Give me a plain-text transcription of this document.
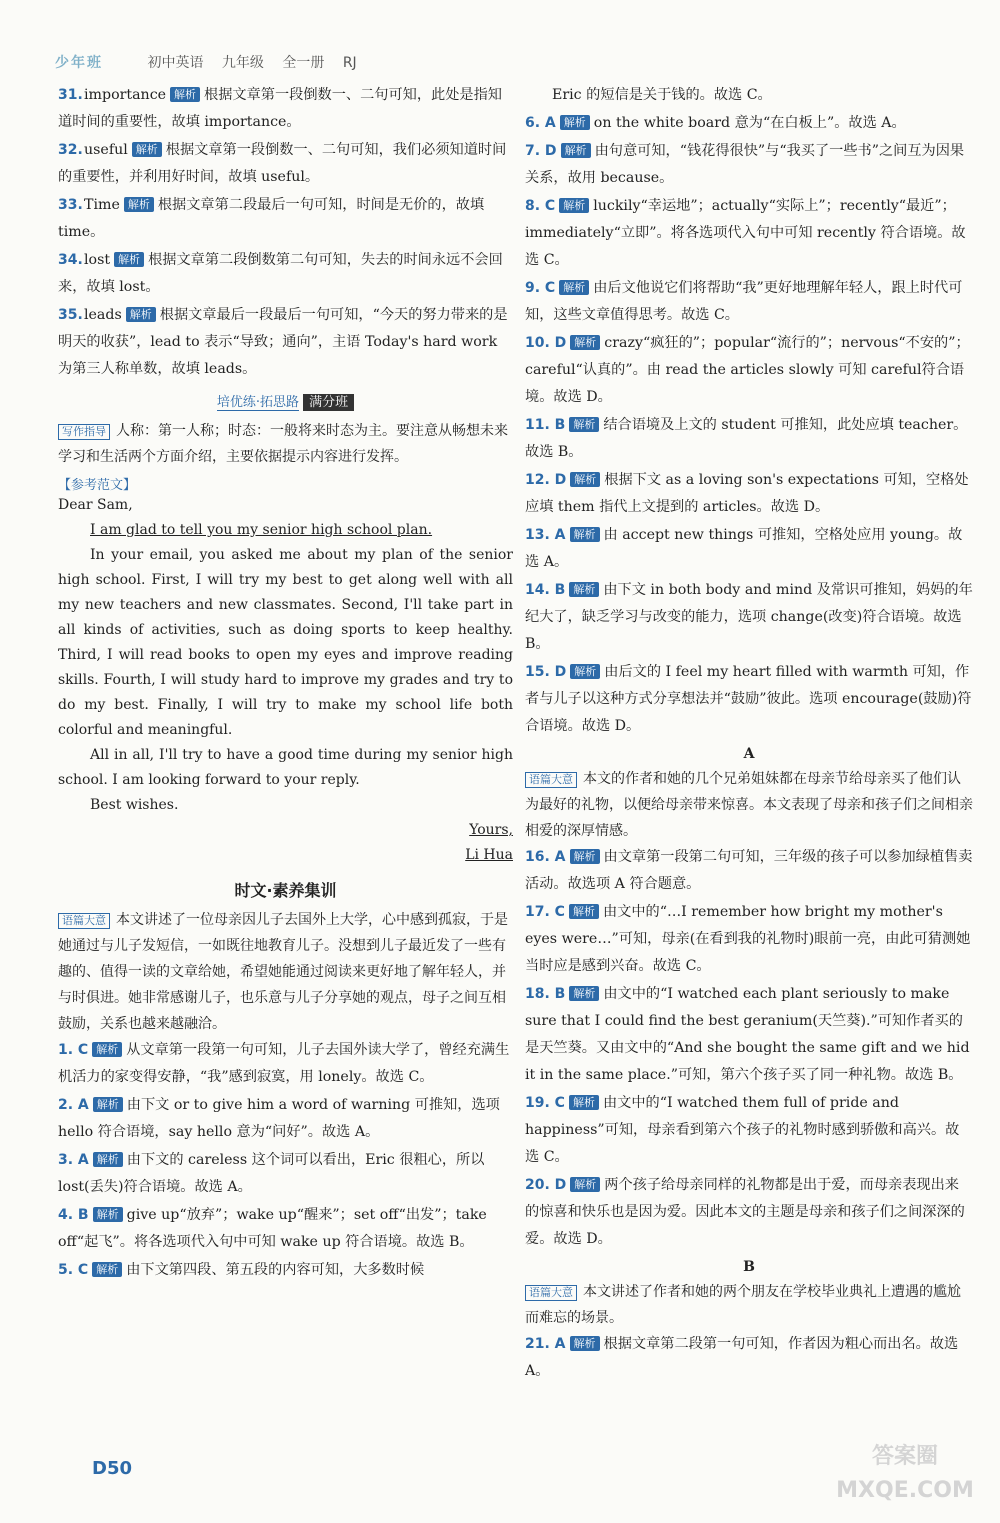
少年班	初中英语 九年级 全一册 RJ
31.importance 解析 根据文章第一段倒数一、二句可知，此处是指知道时间的重要性，故填 importance。
32.useful 解析 根据文章第一段倒数一、二句可知，我们必须知道时间的重要性，并利用好时间，故填 useful。
33.Time 解析 根据文章第二段最后一句可知，时间是无价的，故填 time。
34.lost 解析 根据文章第二段倒数第二句可知，失去的时间永远不会回来，故填 lost。
35.leads 解析 根据文章最后一段最后一句可知，“今天的努力带来的是明天的收获”，lead to 表示“导致；通向”，主语 Today's hard work 为第三人称单数，故填 leads。
培优练·拓思路 满分班
写作指导 人称：第一人称；时态：一般将来时态为主。要注意从畅想未来学习和生活两个方面介绍，主要依据提示内容进行发挥。
【参考范文】

Dear Sam,

I am glad to tell you my senior high school plan.

In your email, you asked me about my plan of the senior high school. First, I will try my best to get along well with all my new teachers and new classmates. Second, I'll take part in all kinds of activities, such as doing sports to keep healthy. Third, I will read books to open my eyes and improve reading skills. Fourth, I will study hard to improve my grades and try to do my best. Finally, I will try to make my school life both colorful and meaningful.

All in all, I'll try to have a good time during my senior high school. I am looking forward to your reply.

Best wishes.

Yours,

Li Hua

时文·素养集训
语篇大意 本文讲述了一位母亲因儿子去国外上大学，心中感到孤寂，于是她通过与儿子发短信，一如既往地教育儿子。没想到儿子最近发了一些有趣的、值得一读的文章给她，希望她能通过阅读来更好地了解年轻人，并与时俱进。她非常感谢儿子，也乐意与儿子分享她的观点，母子之间互相鼓励，关系也越来越融洽。
1. C 解析 从文章第一段第一句可知，儿子去国外读大学了，曾经充满生机活力的家变得安静，“我”感到寂寞，用 lonely。故选 C。
2. A 解析 由下文 or to give him a word of warning 可推知，选项 hello 符合语境，say hello 意为“问好”。故选 A。
3. A 解析 由下文的 careless 这个词可以看出，Eric 很粗心，所以 lost(丢失)符合语境。故选 A。
4. B 解析 give up“放弃”；wake up“醒来”；set off“出发”；take off“起飞”。将各选项代入句中可知 wake up 符合语境。故选 B。
5. C 解析 由下文第四段、第五段的内容可知，大多数时候
Eric 的短信是关于钱的。故选 C。
6. A 解析 on the white board 意为“在白板上”。故选 A。
7. D 解析 由句意可知，“钱花得很快”与“我买了一些书”之间互为因果关系，故用 because。
8. C 解析 luckily“幸运地”；actually“实际上”；recently“最近”；immediately“立即”。将各选项代入句中可知 recently 符合语境。故选 C。
9. C 解析 由后文他说它们将帮助“我”更好地理解年轻人，跟上时代可知，这些文章值得思考。故选 C。
10. D 解析 crazy“疯狂的”；popular“流行的”；nervous“不安的”；careful“认真的”。由 read the articles slowly 可知 careful符合语境。故选 D。
11. B 解析 结合语境及上文的 student 可推知，此处应填 teacher。故选 B。
12. D 解析 根据下文 as a loving son's expectations 可知，空格处应填 them 指代上文提到的 articles。故选 D。
13. A 解析 由 accept new things 可推知，空格处应用 young。故选 A。
14. B 解析 由下文 in both body and mind 及常识可推知，妈妈的年纪大了，缺乏学习与改变的能力，选项 change(改变)符合语境。故选 B。
15. D 解析 由后文的 I feel my heart filled with warmth 可知，作者与儿子以这种方式分享想法并“鼓励”彼此。选项 encourage(鼓励)符合语境。故选 D。
A
语篇大意 本文的作者和她的几个兄弟姐妹都在母亲节给母亲买了他们认为最好的礼物，以便给母亲带来惊喜。本文表现了母亲和孩子们之间相亲相爱的深厚情感。
16. A 解析 由文章第一段第二句可知，三年级的孩子可以参加绿植售卖活动。故选项 A 符合题意。
17. C 解析 由文中的“…I remember how bright my mother's eyes were…”可知，母亲(在看到我的礼物时)眼前一亮，由此可猜测她当时应是感到兴奋。故选 C。
18. B 解析 由文中的“I watched each plant seriously to make sure that I could find the best geranium(天竺葵).”可知作者买的是天竺葵。又由文中的“And she bought the same gift and we hid it in the same place.”可知，第六个孩子买了同一种礼物。故选 B。
19. C 解析 由文中的“I watched them full of pride and happiness”可知，母亲看到第六个孩子的礼物时感到骄傲和高兴。故选 C。
20. D 解析 两个孩子给母亲同样的礼物都是出于爱，而母亲表现出来的惊喜和快乐也是因为爱。因此本文的主题是母亲和孩子们之间深深的爱。故选 D。
B
语篇大意 本文讲述了作者和她的两个朋友在学校毕业典礼上遭遇的尴尬而难忘的场景。
21. A 解析 根据文章第二段第一句可知，作者因为粗心而出名。故选 A。
D50	答案圈 MXQE.COM
